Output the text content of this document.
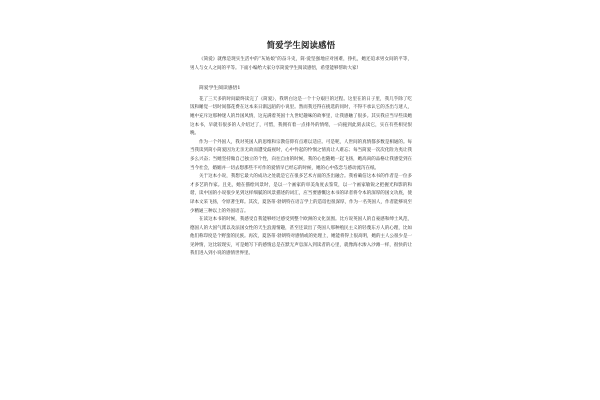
简爱学生阅读感悟

《简爱》就像是现实生活中的“灰姑娘”的奋斗史，简·爱坚强地应对困难，挣扎，她还追求男女间的平等，男人与女人之间的平等。下面小编给大家分享简爱学生阅读感悟，希望能够帮助大家!

简爱学生阅读感悟1

花了三天多的时间最终读完了《简爱》，我明白这是一个十分艰巨的过程。这里在的日子里，我几乎除了吃饭和睡觉一切时间都花费在这本来日渐远陌的小说里。然而我还得在挑选的同时，不得不承认它的杰出与迷人，她中充斥这那种迷人的异国风情，这充满着英国十九世纪趣味的故事里，让我感触了很多。其实我应当早些读她这本书，早就有很多的人介绍过了，可惜，我拥有着一点排外的情绪，一向拖到此刻去读它，实在有些相见恨晚。

作为一个外国人，我对英国人的思维和宗教信仰有点难以适应。可是呢，人世间的真情都多数是相通的。每当我读到简小简爱因为无亲无故而遭受歧视时，心中怜起的怜悯之情真让人难忘；每当简爱一次次化险为夷让我多么兴奋；当她坚持做自己独立的个性，向往自由的时候，我的心也随她一起飞扬，她高尚的品格让我感觉到在当今社会，婚姻并一切去想那些不可作的爱情早已经忘的时候，她的心中依恋与感动流泻在纸。

关于这本小说，我想它最大的成功之处就是它在很多艺术方面的杰出融合。我看确信这本书的作者是一位多才多艺的作家。且先，她在描绘风景时，是以一个画家的审美角度去鉴赏，以一个画家敏锐之把握光和影的和谐，读中国的小说很少见到这样细腻的风景描述的词汇，应当要感慨这本书的译者将令本的深厚的国文功底，使译本文采飞扬，令原著生辉。其次，夏洛蒂·勃朗特在语言学上的造诣也很深厚，作为一名英国人，作者能够说至少精通三种以上的外国语言。

在读这本书的时候，我感受自我能够经过感受到整个欧洲的文化氛围。比方说英国人的自豪感和绅士风范，德国人的大国气派以及法国女性的天生浪漫情趣，甚至还读出了英国人那种殖民主义的轻蔑东方人的心理，比如他们称印度是个野蛮的民族。再次，夏洛蒂·勃朗特对感情或的处理上，她能将得上很高明，她的主人公很少是一见钟情，这比较现实，可是她写下的感情总是在默无声息深入到读者的心里，就像海水渗入沙滩一样，很快的让我们进入到小说的感情世界里。
